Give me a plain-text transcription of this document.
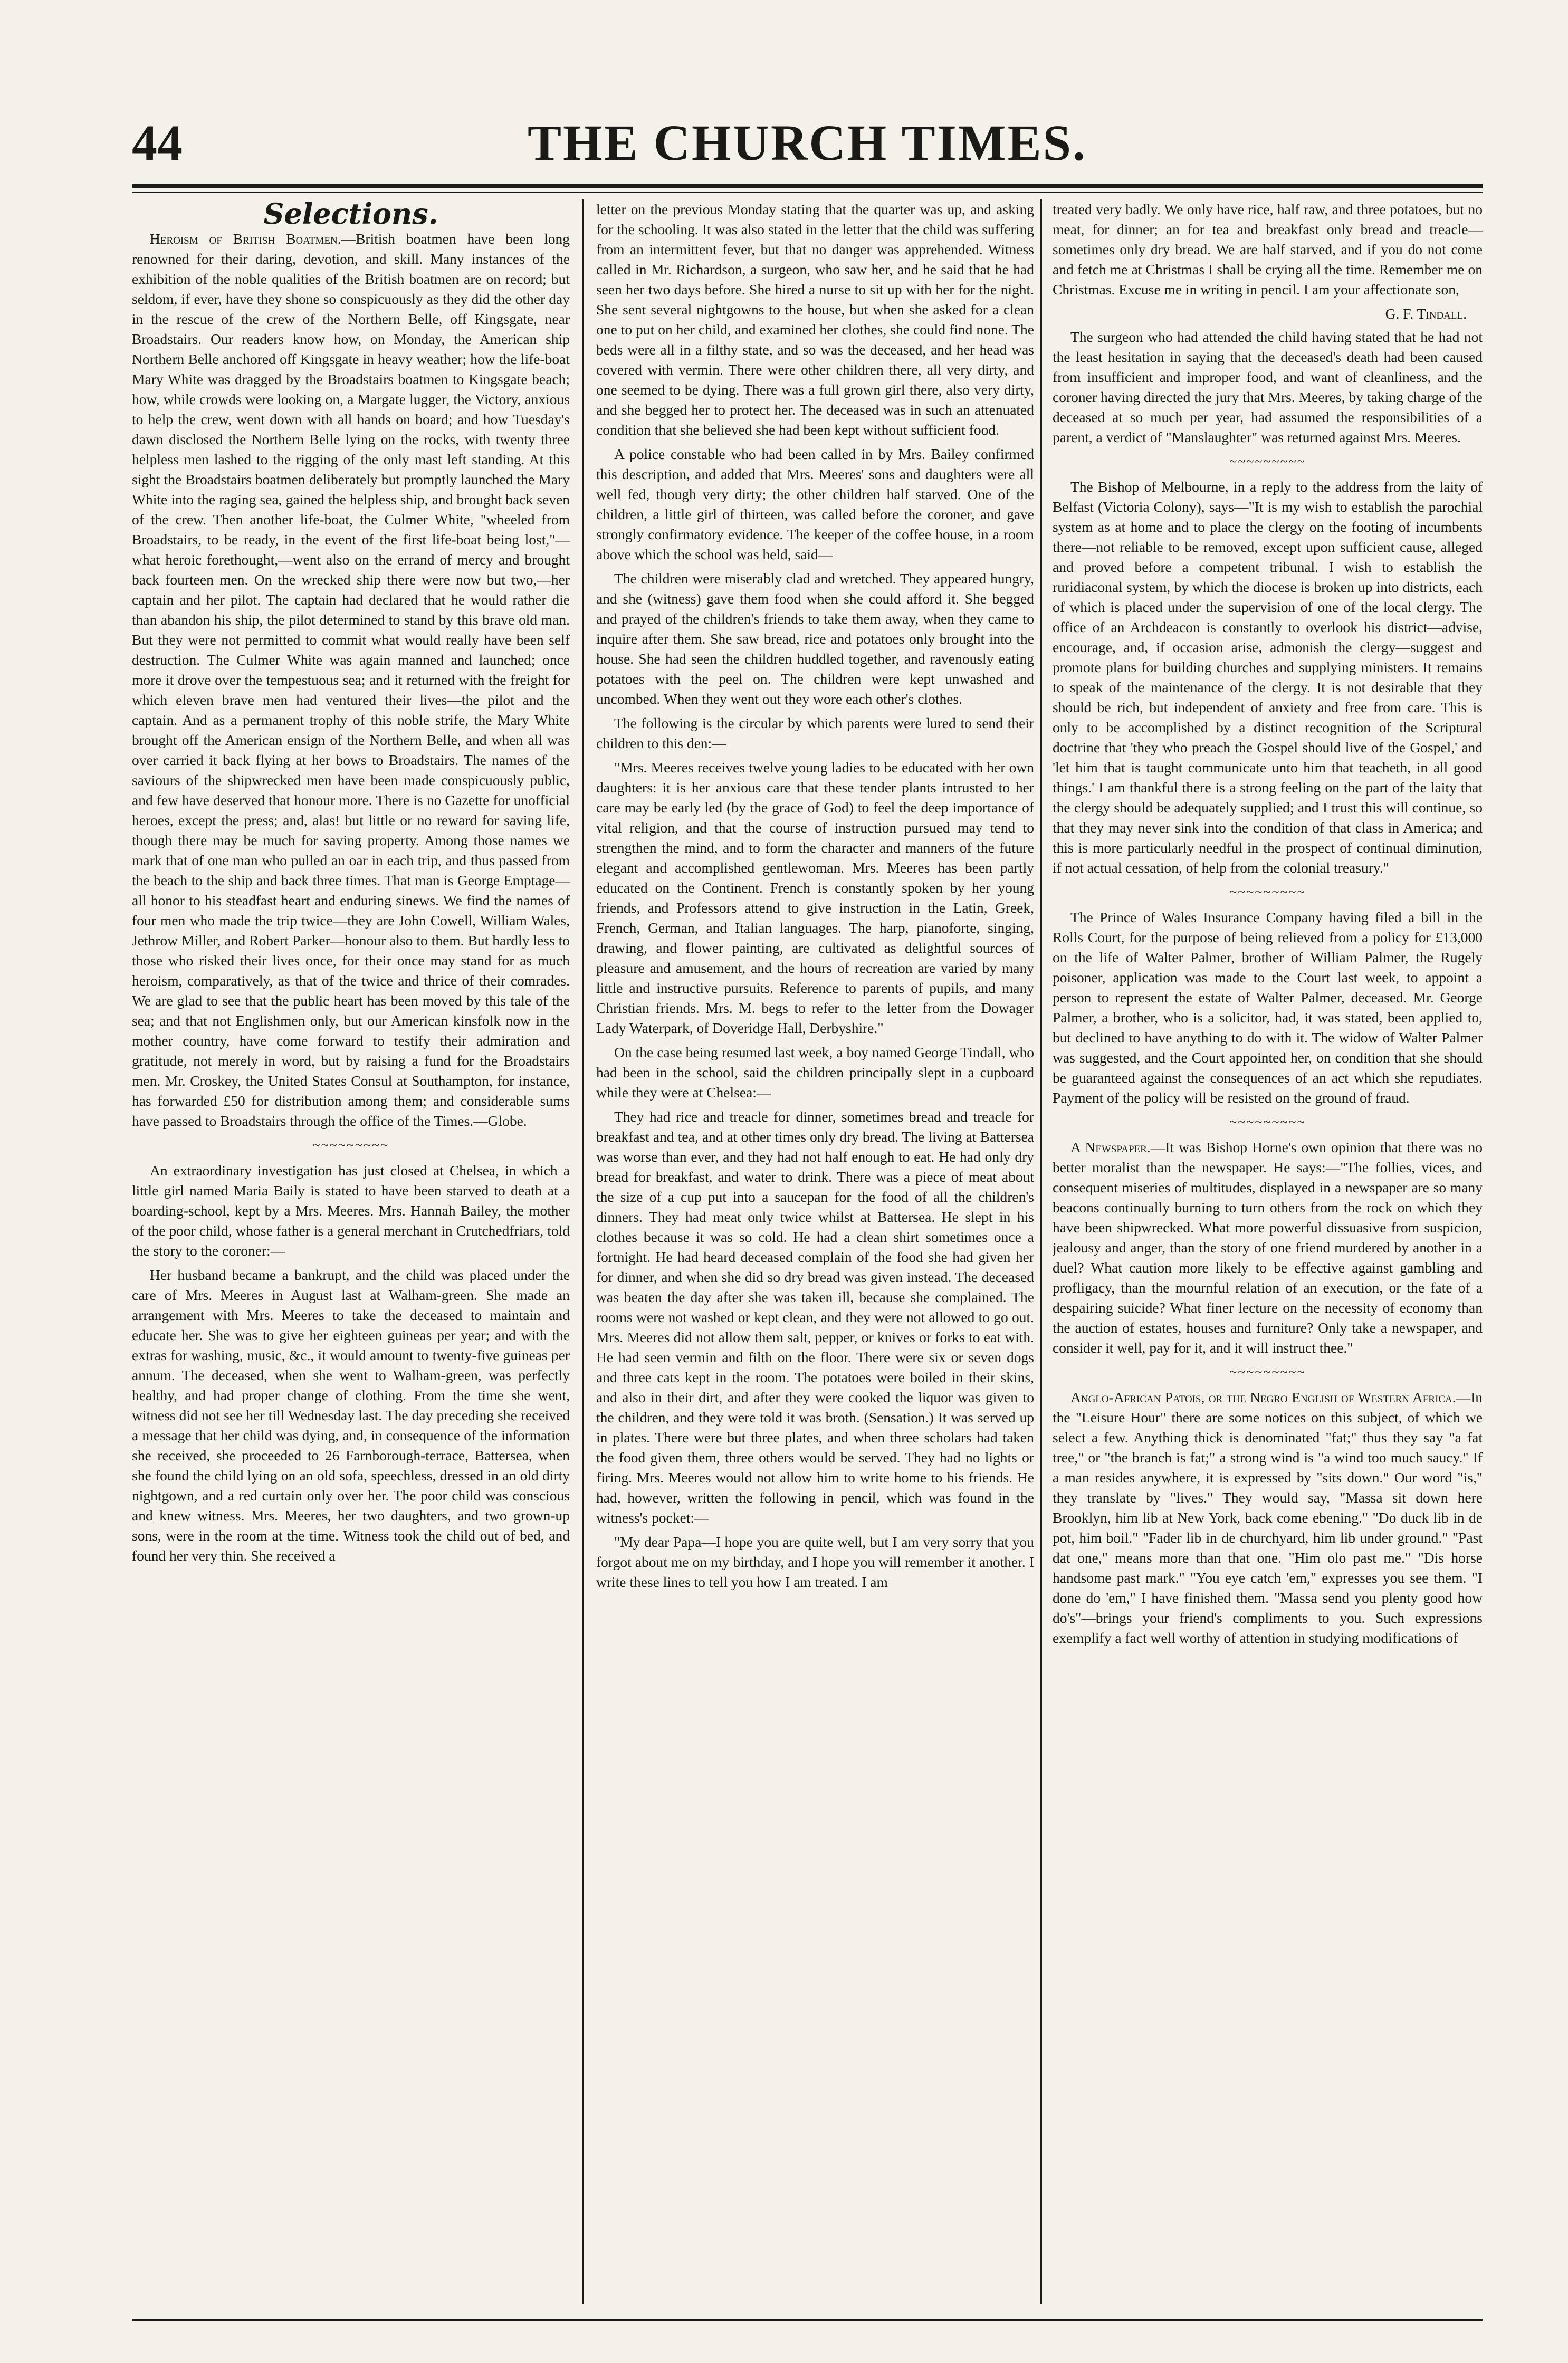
44	THE CHURCH TIMES.
Selections.

Heroism of British Boatmen.—British boatmen have been long renowned for their daring, devotion, and skill. Many instances of the exhibition of the noble qualities of the British boatmen are on record; but seldom, if ever, have they shone so conspicuously as they did the other day in the rescue of the crew of the Northern Belle, off Kingsgate, near Broadstairs. Our readers know how, on Monday, the American ship Northern Belle anchored off Kingsgate in heavy weather; how the life-boat Mary White was dragged by the Broadstairs boatmen to Kingsgate beach; how, while crowds were looking on, a Margate lugger, the Victory, anxious to help the crew, went down with all hands on board; and how Tuesday's dawn disclosed the Northern Belle lying on the rocks, with twenty three helpless men lashed to the rigging of the only mast left standing. At this sight the Broadstairs boatmen deliberately but promptly launched the Mary White into the raging sea, gained the helpless ship, and brought back seven of the crew. Then another life-boat, the Culmer White, "wheeled from Broadstairs, to be ready, in the event of the first life-boat being lost,"—what heroic forethought,—went also on the errand of mercy and brought back fourteen men. On the wrecked ship there were now but two,—her captain and her pilot. The captain had declared that he would rather die than abandon his ship, the pilot determined to stand by this brave old man. But they were not permitted to commit what would really have been self destruction. The Culmer White was again manned and launched; once more it drove over the tempestuous sea; and it returned with the freight for which eleven brave men had ventured their lives—the pilot and the captain. And as a permanent trophy of this noble strife, the Mary White brought off the American ensign of the Northern Belle, and when all was over carried it back flying at her bows to Broadstairs. The names of the saviours of the shipwrecked men have been made conspicuously public, and few have deserved that honour more. There is no Gazette for unofficial heroes, except the press; and, alas! but little or no reward for saving life, though there may be much for saving property. Among those names we mark that of one man who pulled an oar in each trip, and thus passed from the beach to the ship and back three times. That man is George Emptage—all honor to his steadfast heart and enduring sinews. We find the names of four men who made the trip twice—they are John Cowell, William Wales, Jethrow Miller, and Robert Parker—honour also to them. But hardly less to those who risked their lives once, for their once may stand for as much heroism, comparatively, as that of the twice and thrice of their comrades. We are glad to see that the public heart has been moved by this tale of the sea; and that not Englishmen only, but our American kinsfolk now in the mother country, have come forward to testify their admiration and gratitude, not merely in word, but by raising a fund for the Broadstairs men. Mr. Croskey, the United States Consul at Southampton, for instance, has forwarded £50 for distribution among them; and considerable sums have passed to Broadstairs through the office of the Times.—Globe.

~~~~~~~~~

An extraordinary investigation has just closed at Chelsea, in which a little girl named Maria Baily is stated to have been starved to death at a boarding-school, kept by a Mrs. Meeres. Mrs. Hannah Bailey, the mother of the poor child, whose father is a general merchant in Crutchedfriars, told the story to the coroner:—

Her husband became a bankrupt, and the child was placed under the care of Mrs. Meeres in August last at Walham-green. She made an arrangement with Mrs. Meeres to take the deceased to maintain and educate her. She was to give her eighteen guineas per year; and with the extras for washing, music, &c., it would amount to twenty-five guineas per annum. The deceased, when she went to Walham-green, was perfectly healthy, and had proper change of clothing. From the time she went, witness did not see her till Wednesday last. The day preceding she received a message that her child was dying, and, in consequence of the information she received, she proceeded to 26 Farnborough-terrace, Battersea, when she found the child lying on an old sofa, speechless, dressed in an old dirty nightgown, and a red curtain only over her. The poor child was conscious and knew witness. Mrs. Meeres, her two daughters, and two grown-up sons, were in the room at the time. Witness took the child out of bed, and found her very thin. She received a

letter on the previous Monday stating that the quarter was up, and asking for the schooling. It was also stated in the letter that the child was suffering from an intermittent fever, but that no danger was apprehended. Witness called in Mr. Richardson, a surgeon, who saw her, and he said that he had seen her two days before. She hired a nurse to sit up with her for the night. She sent several nightgowns to the house, but when she asked for a clean one to put on her child, and examined her clothes, she could find none. The beds were all in a filthy state, and so was the deceased, and her head was covered with vermin. There were other children there, all very dirty, and one seemed to be dying. There was a full grown girl there, also very dirty, and she begged her to protect her. The deceased was in such an attenuated condition that she believed she had been kept without sufficient food.

A police constable who had been called in by Mrs. Bailey confirmed this description, and added that Mrs. Meeres' sons and daughters were all well fed, though very dirty; the other children half starved. One of the children, a little girl of thirteen, was called before the coroner, and gave strongly confirmatory evidence. The keeper of the coffee house, in a room above which the school was held, said—

The children were miserably clad and wretched. They appeared hungry, and she (witness) gave them food when she could afford it. She begged and prayed of the children's friends to take them away, when they came to inquire after them. She saw bread, rice and potatoes only brought into the house. She had seen the children huddled together, and ravenously eating potatoes with the peel on. The children were kept unwashed and uncombed. When they went out they wore each other's clothes.

The following is the circular by which parents were lured to send their children to this den:—

"Mrs. Meeres receives twelve young ladies to be educated with her own daughters: it is her anxious care that these tender plants intrusted to her care may be early led (by the grace of God) to feel the deep importance of vital religion, and that the course of instruction pursued may tend to strengthen the mind, and to form the character and manners of the future elegant and accomplished gentlewoman. Mrs. Meeres has been partly educated on the Continent. French is constantly spoken by her young friends, and Professors attend to give instruction in the Latin, Greek, French, German, and Italian languages. The harp, pianoforte, singing, drawing, and flower painting, are cultivated as delightful sources of pleasure and amusement, and the hours of recreation are varied by many little and instructive pursuits. Reference to parents of pupils, and many Christian friends. Mrs. M. begs to refer to the letter from the Dowager Lady Waterpark, of Doveridge Hall, Derbyshire."

On the case being resumed last week, a boy named George Tindall, who had been in the school, said the children principally slept in a cupboard while they were at Chelsea:—

They had rice and treacle for dinner, sometimes bread and treacle for breakfast and tea, and at other times only dry bread. The living at Battersea was worse than ever, and they had not half enough to eat. He had only dry bread for breakfast, and water to drink. There was a piece of meat about the size of a cup put into a saucepan for the food of all the children's dinners. They had meat only twice whilst at Battersea. He slept in his clothes because it was so cold. He had a clean shirt sometimes once a fortnight. He had heard deceased complain of the food she had given her for dinner, and when she did so dry bread was given instead. The deceased was beaten the day after she was taken ill, because she complained. The rooms were not washed or kept clean, and they were not allowed to go out. Mrs. Meeres did not allow them salt, pepper, or knives or forks to eat with. He had seen vermin and filth on the floor. There were six or seven dogs and three cats kept in the room. The potatoes were boiled in their skins, and also in their dirt, and after they were cooked the liquor was given to the children, and they were told it was broth. (Sensation.) It was served up in plates. There were but three plates, and when three scholars had taken the food given them, three others would be served. They had no lights or firing. Mrs. Meeres would not allow him to write home to his friends. He had, however, written the following in pencil, which was found in the witness's pocket:—

"My dear Papa—I hope you are quite well, but I am very sorry that you forgot about me on my birthday, and I hope you will remember it another. I write these lines to tell you how I am treated. I am

treated very badly. We only have rice, half raw, and three potatoes, but no meat, for dinner; an for tea and breakfast only bread and treacle—sometimes only dry bread. We are half starved, and if you do not come and fetch me at Christmas I shall be crying all the time. Remember me on Christmas. Excuse me in writing in pencil. I am your affectionate son,

G. F. Tindall.

The surgeon who had attended the child having stated that he had not the least hesitation in saying that the deceased's death had been caused from insufficient and improper food, and want of cleanliness, and the coroner having directed the jury that Mrs. Meeres, by taking charge of the deceased at so much per year, had assumed the responsibilities of a parent, a verdict of "Manslaughter" was returned against Mrs. Meeres.

~~~~~~~~~

The Bishop of Melbourne, in a reply to the address from the laity of Belfast (Victoria Colony), says—"It is my wish to establish the parochial system as at home and to place the clergy on the footing of incumbents there—not reliable to be removed, except upon sufficient cause, alleged and proved before a competent tribunal. I wish to establish the ruridiaconal system, by which the diocese is broken up into districts, each of which is placed under the supervision of one of the local clergy. The office of an Archdeacon is constantly to overlook his district—advise, encourage, and, if occasion arise, admonish the clergy—suggest and promote plans for building churches and supplying ministers. It remains to speak of the maintenance of the clergy. It is not desirable that they should be rich, but independent of anxiety and free from care. This is only to be accomplished by a distinct recognition of the Scriptural doctrine that 'they who preach the Gospel should live of the Gospel,' and 'let him that is taught communicate unto him that teacheth, in all good things.' I am thankful there is a strong feeling on the part of the laity that the clergy should be adequately supplied; and I trust this will continue, so that they may never sink into the condition of that class in America; and this is more particularly needful in the prospect of continual diminution, if not actual cessation, of help from the colonial treasury."

~~~~~~~~~

The Prince of Wales Insurance Company having filed a bill in the Rolls Court, for the purpose of being relieved from a policy for £13,000 on the life of Walter Palmer, brother of William Palmer, the Rugely poisoner, application was made to the Court last week, to appoint a person to represent the estate of Walter Palmer, deceased. Mr. George Palmer, a brother, who is a solicitor, had, it was stated, been applied to, but declined to have anything to do with it. The widow of Walter Palmer was suggested, and the Court appointed her, on condition that she should be guaranteed against the consequences of an act which she repudiates. Payment of the policy will be resisted on the ground of fraud.

~~~~~~~~~

A Newspaper.—It was Bishop Horne's own opinion that there was no better moralist than the newspaper. He says:—"The follies, vices, and consequent miseries of multitudes, displayed in a newspaper are so many beacons continually burning to turn others from the rock on which they have been shipwrecked. What more powerful dissuasive from suspicion, jealousy and anger, than the story of one friend murdered by another in a duel? What caution more likely to be effective against gambling and profligacy, than the mournful relation of an execution, or the fate of a despairing suicide? What finer lecture on the necessity of economy than the auction of estates, houses and furniture? Only take a newspaper, and consider it well, pay for it, and it will instruct thee."

~~~~~~~~~

Anglo-African Patois, or the Negro English of Western Africa.—In the "Leisure Hour" there are some notices on this subject, of which we select a few. Anything thick is denominated "fat;" thus they say "a fat tree," or "the branch is fat;" a strong wind is "a wind too much saucy." If a man resides anywhere, it is expressed by "sits down." Our word "is," they translate by "lives." They would say, "Massa sit down here Brooklyn, him lib at New York, back come ebening." "Do duck lib in de pot, him boil." "Fader lib in de churchyard, him lib under ground." "Past dat one," means more than that one. "Him olo past me." "Dis horse handsome past mark." "You eye catch 'em," expresses you see them. "I done do 'em," I have finished them. "Massa send you plenty good how do's"—brings your friend's compliments to you. Such expressions exemplify a fact well worthy of attention in studying modifications of
